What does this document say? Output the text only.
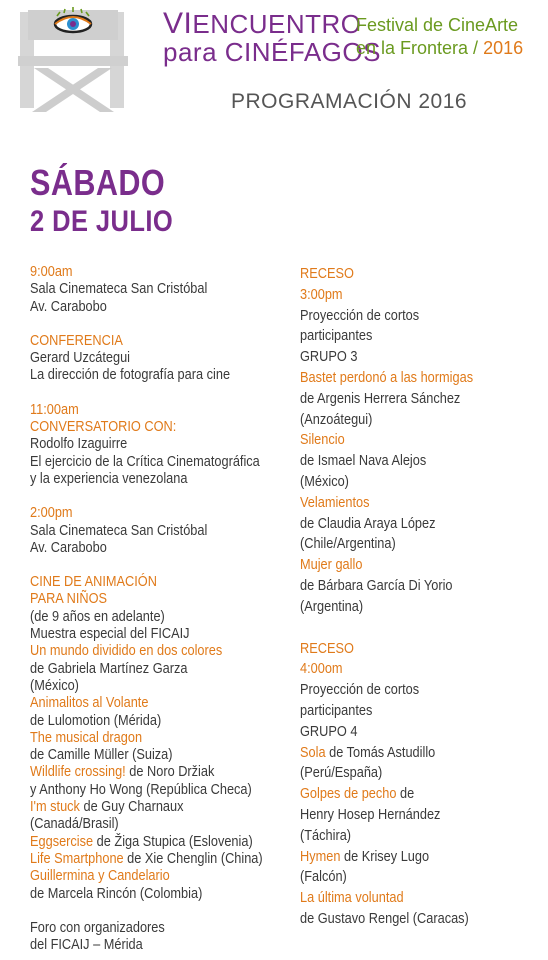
VIENCUENTRO
para CINÉFAGOS
Festival de CineArte
en la Frontera / 2016
PROGRAMACIÓN 2016
SÁBADO
2 DE JULIO
9:00am
Sala Cinemateca San Cristóbal
Av. Carabobo
CONFERENCIA
Gerard Uzcátegui
La dirección de fotografía para cine
11:00am
CONVERSATORIO CON:
Rodolfo Izaguirre
El ejercicio de la Crítica Cinematográfica
y la experiencia venezolana
2:00pm
Sala Cinemateca San Cristóbal
Av. Carabobo
CINE DE ANIMACIÓN
PARA NIÑOS
(de 9 años en adelante)
Muestra especial del FICAIJ
Un mundo dividido en dos colores
de Gabriela Martínez Garza
(México)
Animalitos al Volante
de Lulomotion (Mérida)
The musical dragon
de Camille Müller (Suiza)
Wildlife crossing! de Noro Držiak
y Anthony Ho Wong (República Checa)
I'm stuck de Guy Charnaux
(Canadá/Brasil)
Eggsercise de Žiga Stupica (Eslovenia)
Life Smartphone de Xie Chenglin (China)
Guillermina y Candelario
de Marcela Rincón (Colombia)
Foro con organizadores
del FICAIJ – Mérida
RECESO
3:00pm
Proyección de cortos
participantes
GRUPO 3
Bastet perdonó a las hormigas
de Argenis Herrera Sánchez
(Anzoátegui)
Silencio
de Ismael Nava Alejos
(México)
Velamientos
de Claudia Araya López
(Chile/Argentina)
Mujer gallo
de Bárbara García Di Yorio
(Argentina)
RECESO
4:00om
Proyección de cortos
participantes
GRUPO 4
Sola de Tomás Astudillo
(Perú/España)
Golpes de pecho de
Henry Hosep Hernández
(Táchira)
Hymen de Krisey Lugo
(Falcón)
La última voluntad
de Gustavo Rengel (Caracas)
